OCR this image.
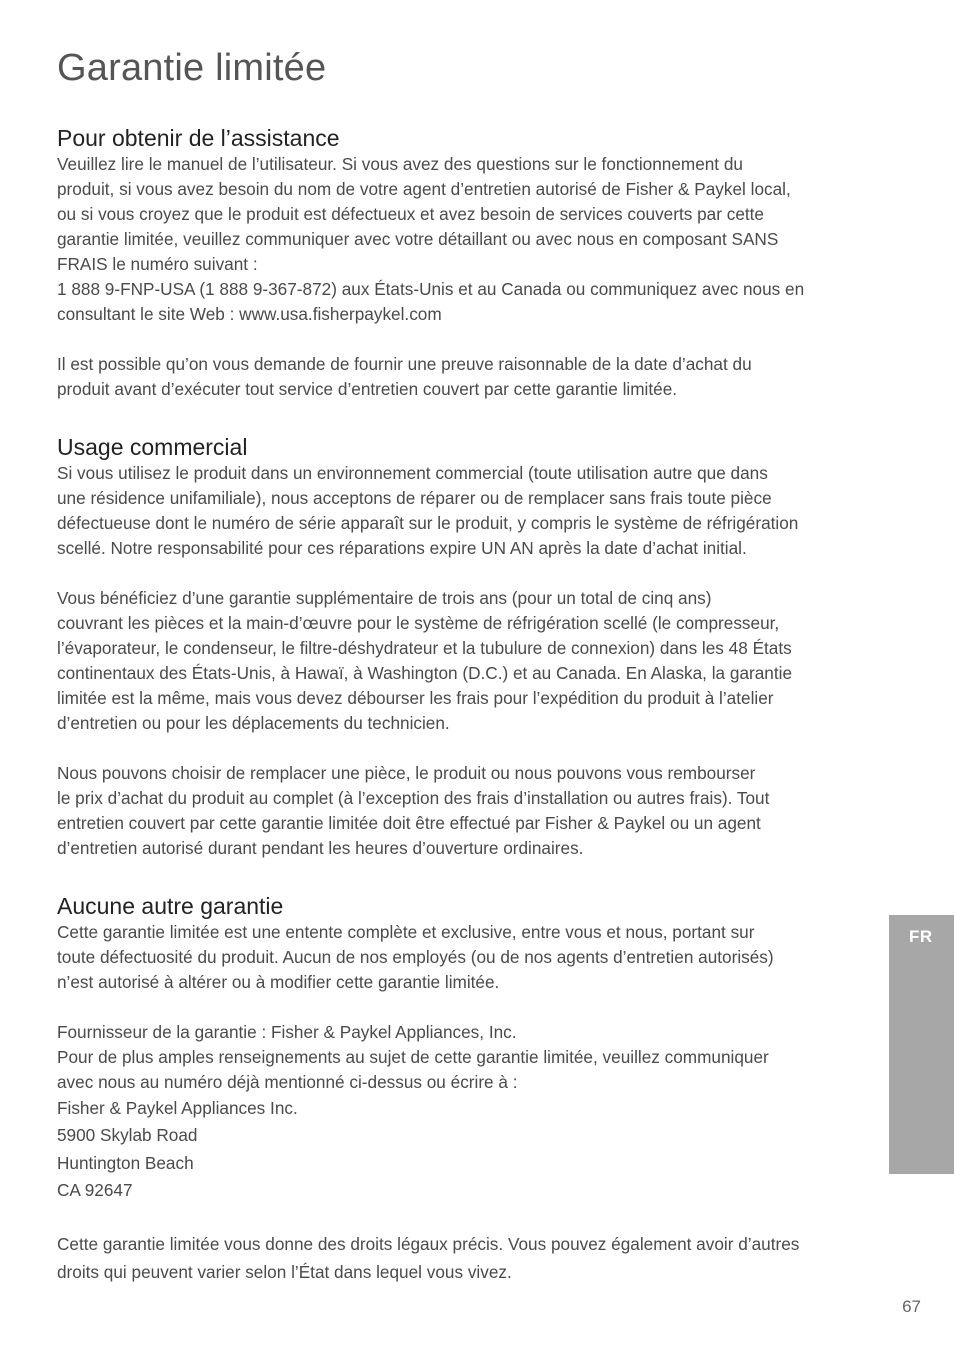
Garantie limitée
Pour obtenir de l’assistance

Veuillez lire le manuel de l’utilisateur. Si vous avez des questions sur le fonctionnement du
produit, si vous avez besoin du nom de votre agent d’entretien autorisé de Fisher & Paykel local,
ou si vous croyez que le produit est défectueux et avez besoin de services couverts par cette
garantie limitée, veuillez communiquer avec votre détaillant ou avec nous en composant SANS
FRAIS le numéro suivant :
1 888 9-FNP-USA (1 888 9-367-872) aux États-Unis et au Canada ou communiquez avec nous en
consultant le site Web : www.usa.fisherpaykel.com

Il est possible qu’on vous demande de fournir une preuve raisonnable de la date d’achat du
produit avant d’exécuter tout service d’entretien couvert par cette garantie limitée.

Usage commercial

Si vous utilisez le produit dans un environnement commercial (toute utilisation autre que dans
une résidence unifamiliale), nous acceptons de réparer ou de remplacer sans frais toute pièce
défectueuse dont le numéro de série apparaît sur le produit, y compris le système de réfrigération
scellé. Notre responsabilité pour ces réparations expire UN AN après la date d’achat initial.

Vous bénéficiez d’une garantie supplémentaire de trois ans (pour un total de cinq ans)
couvrant les pièces et la main-d’œuvre pour le système de réfrigération scellé (le compresseur,
l’évaporateur, le condenseur, le filtre-déshydrateur et la tubulure de connexion) dans les 48 États
continentaux des États-Unis, à Hawaï, à Washington (D.C.) et au Canada. En Alaska, la garantie
limitée est la même, mais vous devez débourser les frais pour l’expédition du produit à l’atelier
d’entretien ou pour les déplacements du technicien.

Nous pouvons choisir de remplacer une pièce, le produit ou nous pouvons vous rembourser
le prix d’achat du produit au complet (à l’exception des frais d’installation ou autres frais). Tout
entretien couvert par cette garantie limitée doit être effectué par Fisher & Paykel ou un agent
d’entretien autorisé durant pendant les heures d’ouverture ordinaires.

Aucune autre garantie

Cette garantie limitée est une entente complète et exclusive, entre vous et nous, portant sur
toute défectuosité du produit. Aucun de nos employés (ou de nos agents d’entretien autorisés)
n’est autorisé à altérer ou à modifier cette garantie limitée.

Fournisseur de la garantie : Fisher & Paykel Appliances, Inc.
Pour de plus amples renseignements au sujet de cette garantie limitée, veuillez communiquer
avec nous au numéro déjà mentionné ci-dessus ou écrire à :

Fisher & Paykel Appliances Inc.
5900 Skylab Road
Huntington Beach
CA 92647

Cette garantie limitée vous donne des droits légaux précis. Vous pouvez également avoir d’autres
droits qui peuvent varier selon l’État dans lequel vous vivez.

FR
67
